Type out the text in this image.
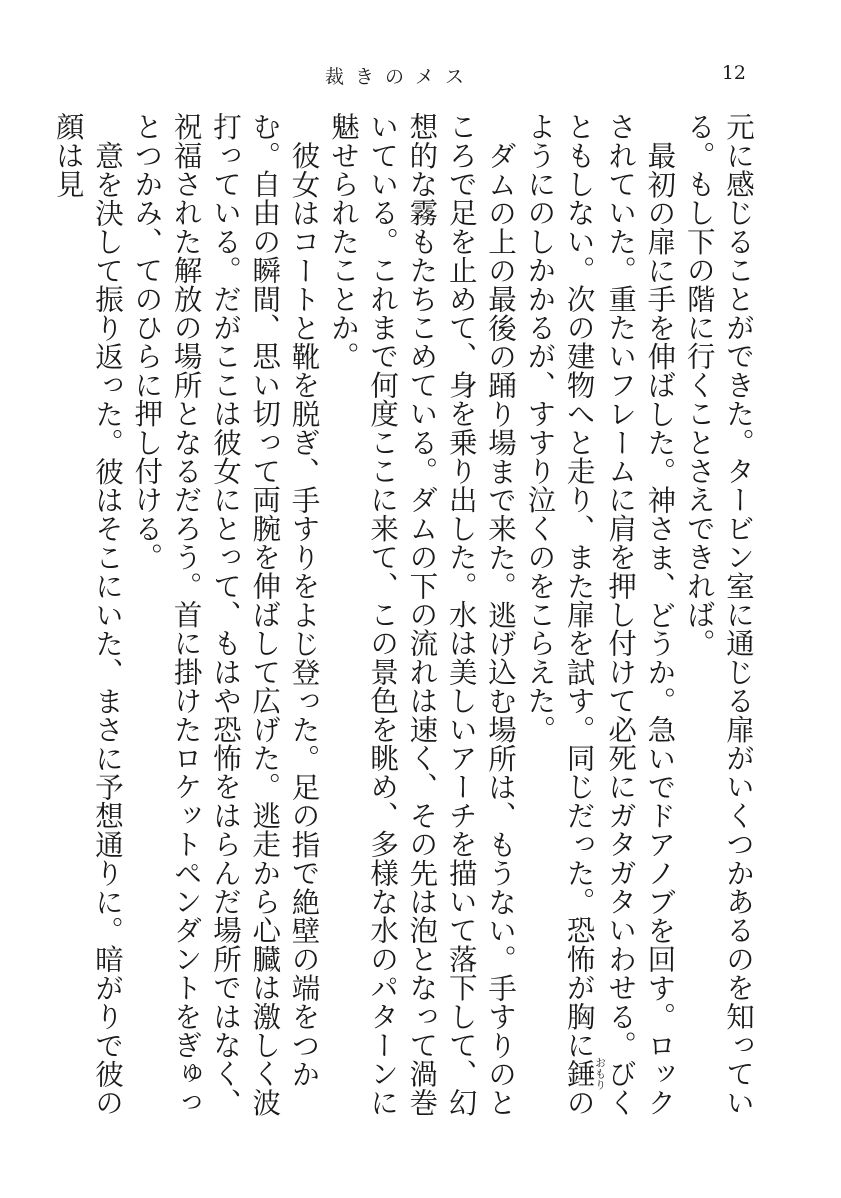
裁きのメス	12

元に感じることができた。タービン室に通じる扉がいくつかあるのを知っている。もし下の階に行くことさえできれば。

最初の扉に手を伸ばした。神さま、どうか。急いでドアノブを回す。ロックされていた。重たいフレームに肩を押し付けて必死にガタガタいわせる。びくともしない。次の建物へと走り、また扉を試す。同じだった。恐怖が胸に錘おもりのようにのしかかるが、すすり泣くのをこらえた。

ダムの上の最後の踊り場まで来た。逃げ込む場所は、もうない。手すりのところで足を止めて、身を乗り出した。水は美しいアーチを描いて落下して、幻想的な霧もたちこめている。ダムの下の流れは速く、その先は泡となって渦巻いている。これまで何度ここに来て、この景色を眺め、多様な水のパターンに魅せられたことか。

彼女はコートと靴を脱ぎ、手すりをよじ登った。足の指で絶壁の端をつかむ。自由の瞬間、思い切って両腕を伸ばして広げた。逃走から心臓は激しく波打っている。だがここは彼女にとって、もはや恐怖をはらんだ場所ではなく、祝福された解放の場所となるだろう。首に掛けたロケットペンダントをぎゅっとつかみ、てのひらに押し付ける。

意を決して振り返った。彼はそこにいた、まさに予想通りに。暗がりで彼の顔は見
